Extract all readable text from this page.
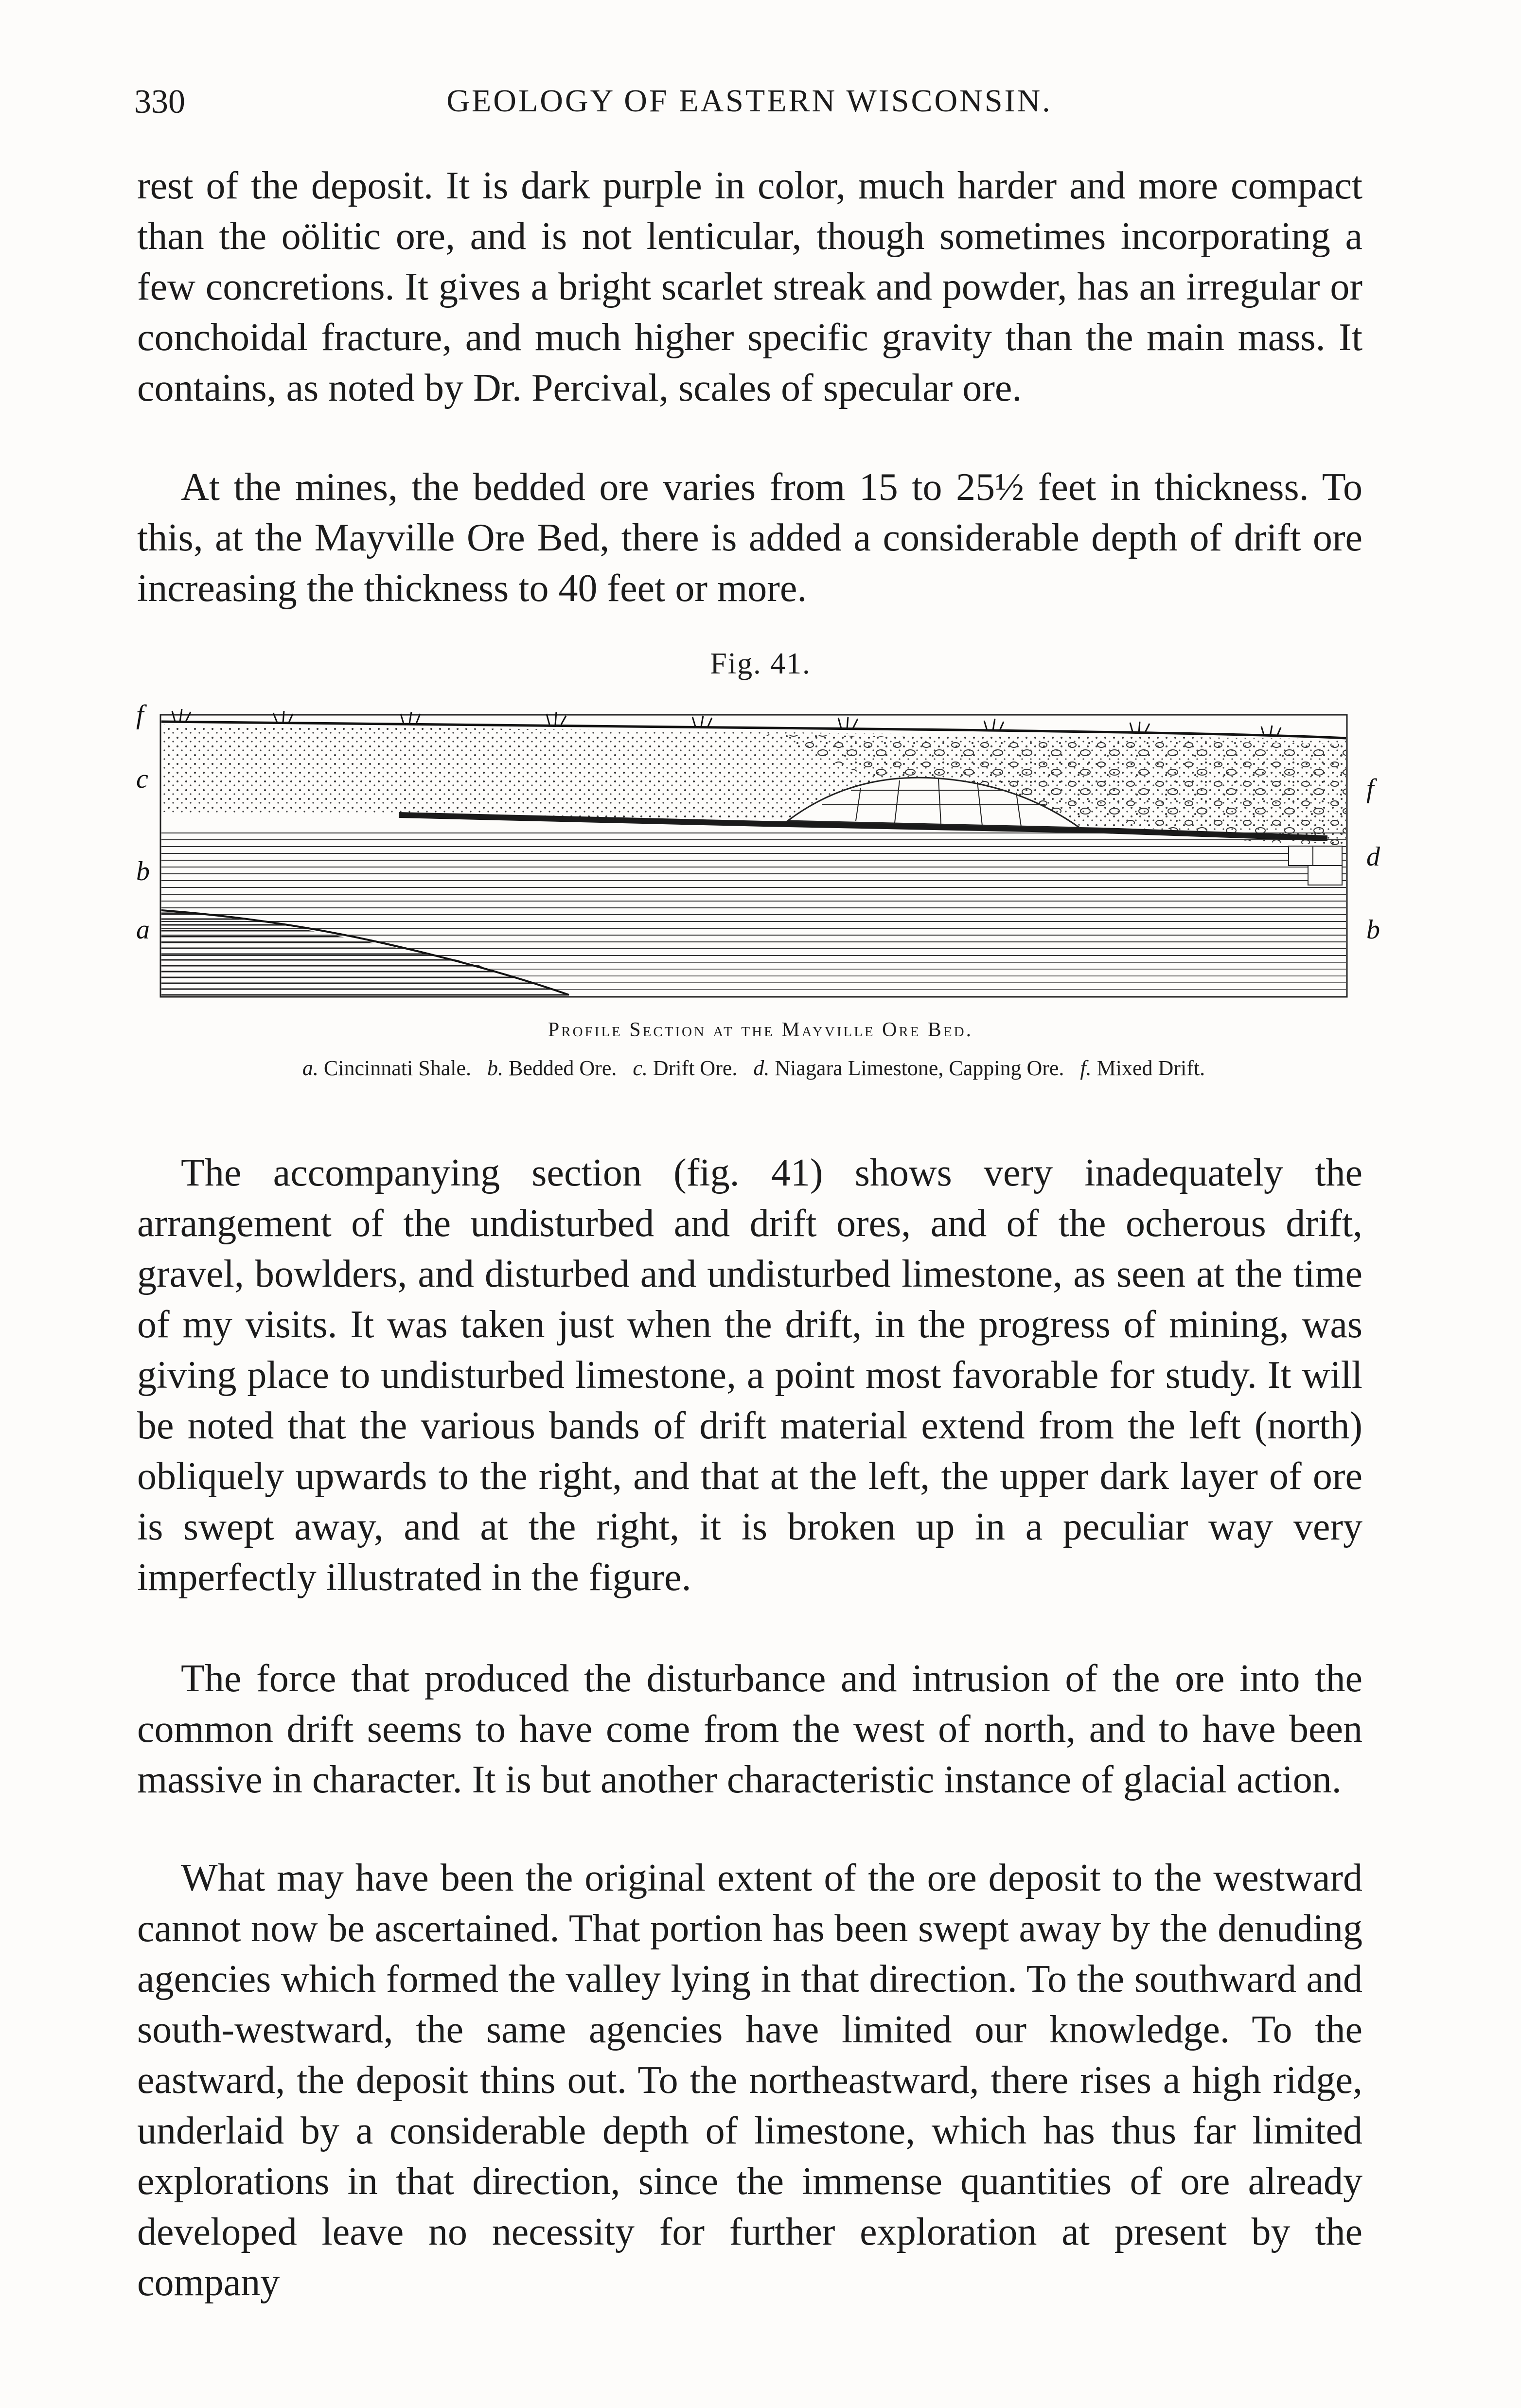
330	GEOLOGY OF EASTERN WISCONSIN.

rest of the deposit. It is dark purple in color, much harder and more compact than the oölitic ore, and is not lenticular, though sometimes incorporating a few concretions. It gives a bright scarlet streak and powder, has an irregular or conchoidal fracture, and much higher specific gravity than the main mass. It contains, as noted by Dr. Percival, scales of specular ore.

At the mines, the bedded ore varies from 15 to 25½ feet in thickness. To this, at the Mayville Ore Bed, there is added a considerable depth of drift ore increasing the thickness to 40 feet or more.

Fig. 41.
f
c
b
a
f
d
b
Profile Section at the Mayville Ore Bed.
a. Cincinnati Shale. b. Bedded Ore. c. Drift Ore. d. Niagara Limestone, Capping Ore. f. Mixed Drift.

The accompanying section (fig. 41) shows very inadequately the arrangement of the undisturbed and drift ores, and of the ocherous drift, gravel, bowlders, and disturbed and undisturbed limestone, as seen at the time of my visits. It was taken just when the drift, in the progress of mining, was giving place to undisturbed limestone, a point most favorable for study. It will be noted that the various bands of drift material extend from the left (north) obliquely upwards to the right, and that at the left, the upper dark layer of ore is swept away, and at the right, it is broken up in a peculiar way very imperfectly illustrated in the figure.

The force that produced the disturbance and intrusion of the ore into the common drift seems to have come from the west of north, and to have been massive in character. It is but another characteristic instance of glacial action.

What may have been the original extent of the ore deposit to the westward cannot now be ascertained. That portion has been swept away by the denuding agencies which formed the valley lying in that direction. To the southward and south-westward, the same agencies have limited our knowledge. To the eastward, the deposit thins out. To the northeastward, there rises a high ridge, underlaid by a considerable depth of limestone, which has thus far limited explorations in that direction, since the immense quantities of ore already developed leave no necessity for further exploration at present by the company
